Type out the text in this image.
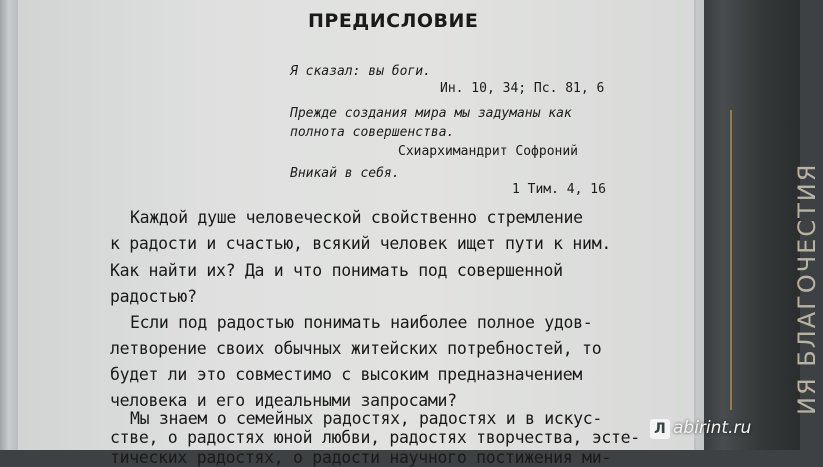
ИЯ БЛАГОЧЕСТИЯ
ПРЕДИСЛОВИЕ

Я сказал: вы боги.

Ин. 10, 34; Пс. 81, 6

Прежде создания мира мы задуманы как

полнота совершенства.

Схиархимандрит Софроний

Вникай в себя.

1 Тим. 4, 16

Каждой душе человеческой свойственно стремление
к радости и счастью, всякий человек ищет пути к ним.
Как найти их? Да и что понимать под совершенной
радостью?
Если под радостью понимать наиболее полное удов-
летворение своих обычных житейских потребностей, то
будет ли это совместимо с высоким предназначением
человека и его идеальными запросами?
Мы знаем о семейных радостях, радостях и в искус-
стве, о радостях юной любви, радостях творчества, эсте-
тических радостях, о радости научного постижения ми-
Л abirint.ru
